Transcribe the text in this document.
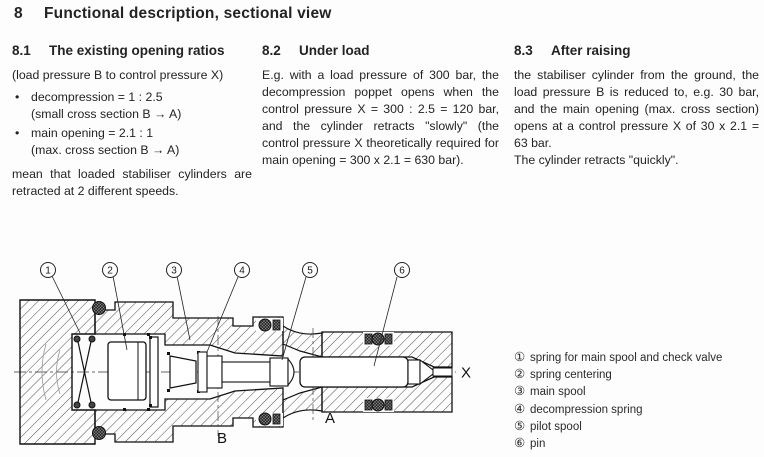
8	Functional description, sectional view
8.1	The existing opening ratios

(load pressure B to control pressure X)

• decompression = 1 : 2.5
(small cross section B → A)
• main opening = 2.1 : 1
(max. cross section B → A)

mean that loaded stabiliser cylinders are retracted at 2 different speeds.

8.2	Under load

E.g. with a load pressure of 300 bar, the decompression poppet opens when the control pressure X = 300 : 2.5 = 120 bar, and the cylinder retracts "slowly" (the control pressure X theoretically required for main opening = 300 x 2.1 = 630 bar).

8.3	After raising

the stabiliser cylinder from the ground, the load pressure B is reduced to, e.g. 30 bar, and the main opening (max. cross section) opens at a control pressure X of 30 x 2.1 = 63 bar.

The cylinder retracts "quickly".

1	2	3	4	5	6
B
A
X
① spring for main spool and check valve
② spring centering
③ main spool
④ decompression spring
⑤ pilot spool
⑥ pin
